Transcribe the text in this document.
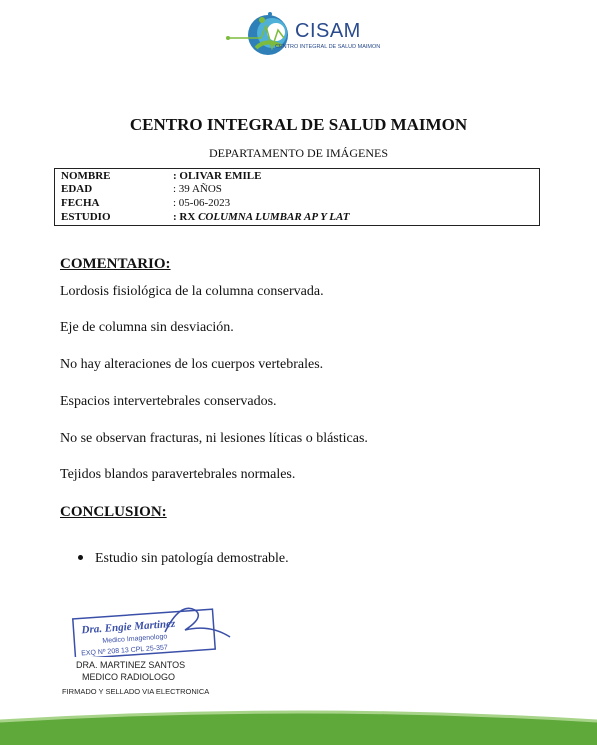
CISAM
CENTRO INTEGRAL DE SALUD MAIMON
CENTRO INTEGRAL DE SALUD MAIMON
DEPARTAMENTO DE IMÁGENES
NOMBRE	: OLIVAR EMILE
EDAD	: 39 AÑOS
FECHA	: 05-06-2023
ESTUDIO	: RX COLUMNA LUMBAR AP Y LAT
COMENTARIO:
Lordosis fisiológica de la columna conservada.
Eje de columna sin desviación.
No hay alteraciones de los cuerpos vertebrales.
Espacios intervertebrales conservados.
No se observan fracturas, ni lesiones líticas o blásticas.
Tejidos blandos paravertebrales normales.
CONCLUSION:
Estudio sin patología demostrable.
Dra. Engie Martinez
Medico Imagenologo
EXQ Nº 208 13 CPL 25-357
DRA. MARTINEZ SANTOS
MEDICO RADIOLOGO
FIRMADO Y SELLADO VIA ELECTRONICA
